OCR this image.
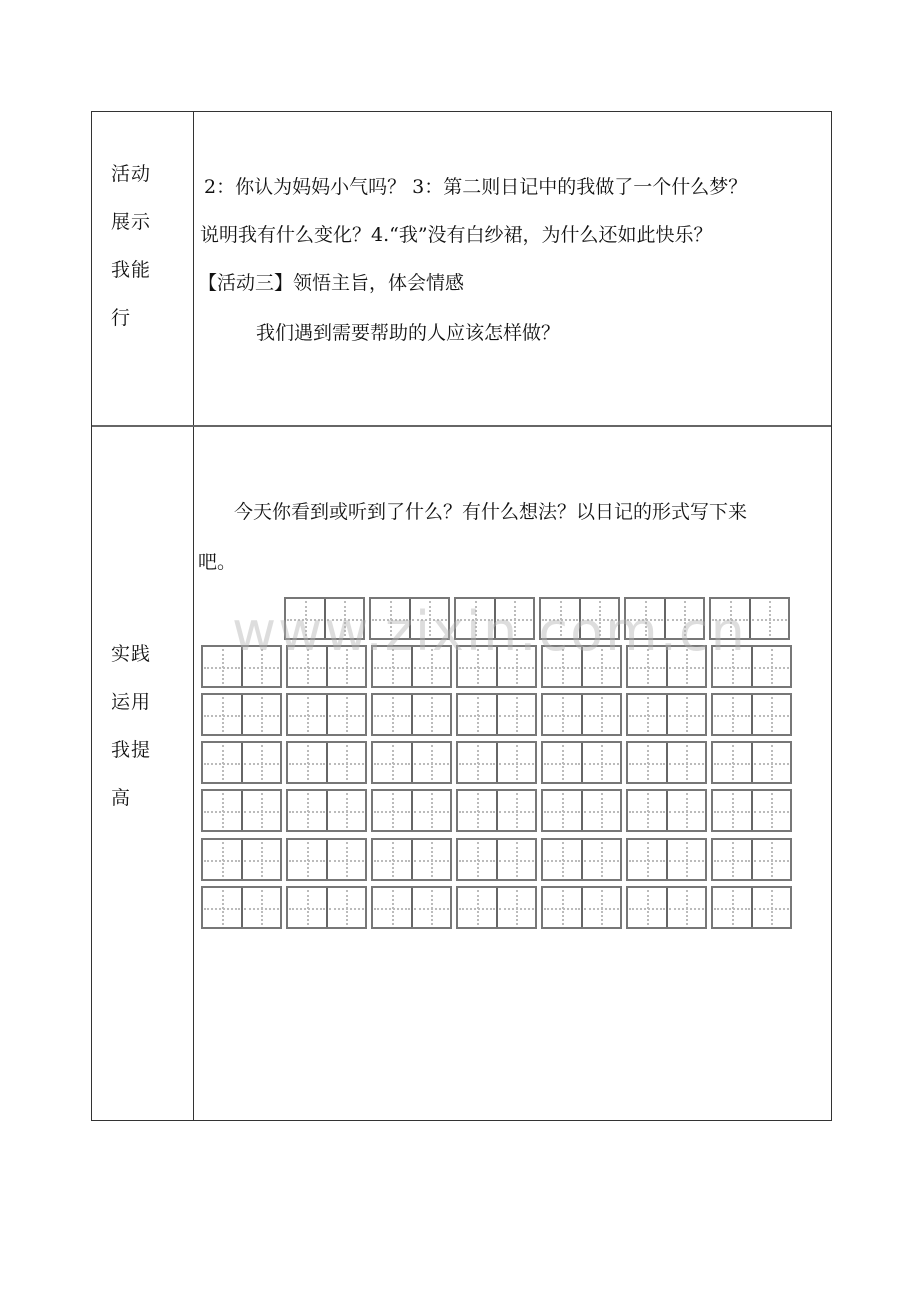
活动
展示
我能
行
2：你认为妈妈小气吗？ 3：第二则日记中的我做了一个什么梦？
说明我有什么变化？4.“我”没有白纱裙，为什么还如此快乐？
【活动三】领悟主旨，体会情感
我们遇到需要帮助的人应该怎样做？
实践
运用
我提
高
今天你看到或听到了什么？有什么想法？以日记的形式写下来
吧。
www.zixin.com.cn
